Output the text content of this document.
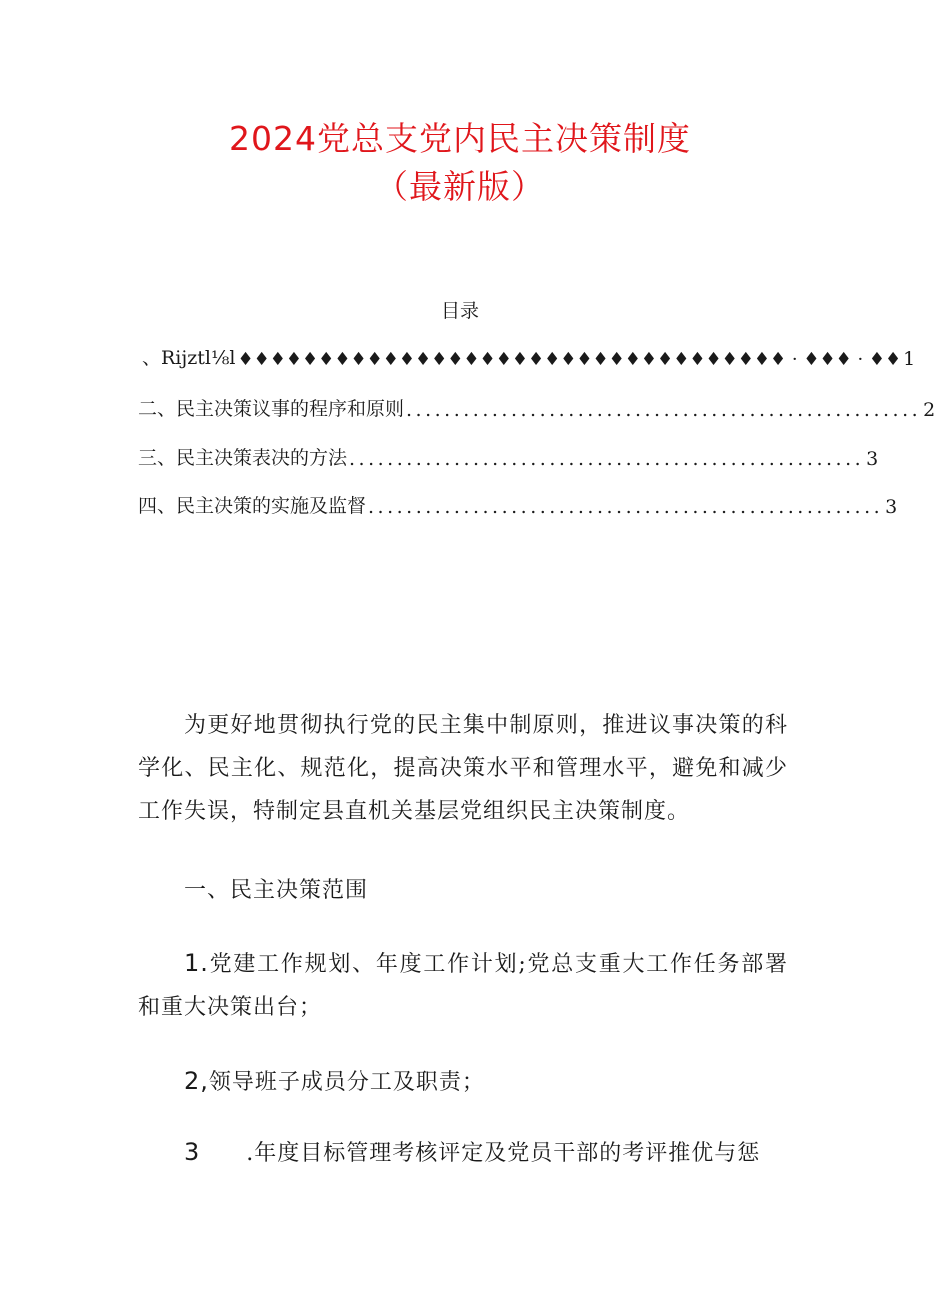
2024党总支党内民主决策制度
（最新版）
目录
、Rijztl⅛l ♦♦♦♦♦♦♦♦♦♦♦♦♦♦♦♦♦♦♦♦♦♦♦♦♦♦♦♦♦♦♦♦♦♦ · ♦♦♦ · ♦♦ 1
二、民主决策议事的程序和原则 ...................................................... 2
三、民主决策表决的方法 ...................................................... 3
四、民主决策的实施及监督 ...................................................... 3

为更好地贯彻执行党的民主集中制原则，推进议事决策的科学化、民主化、规范化，提高决策水平和管理水平，避免和减少工作失误，特制定县直机关基层党组织民主决策制度。

一、民主决策范围

1.党建工作规划、年度工作计划;党总支重大工作任务部署和重大决策出台；

2,领导班子成员分工及职责；

3 .年度目标管理考核评定及党员干部的考评推优与惩
